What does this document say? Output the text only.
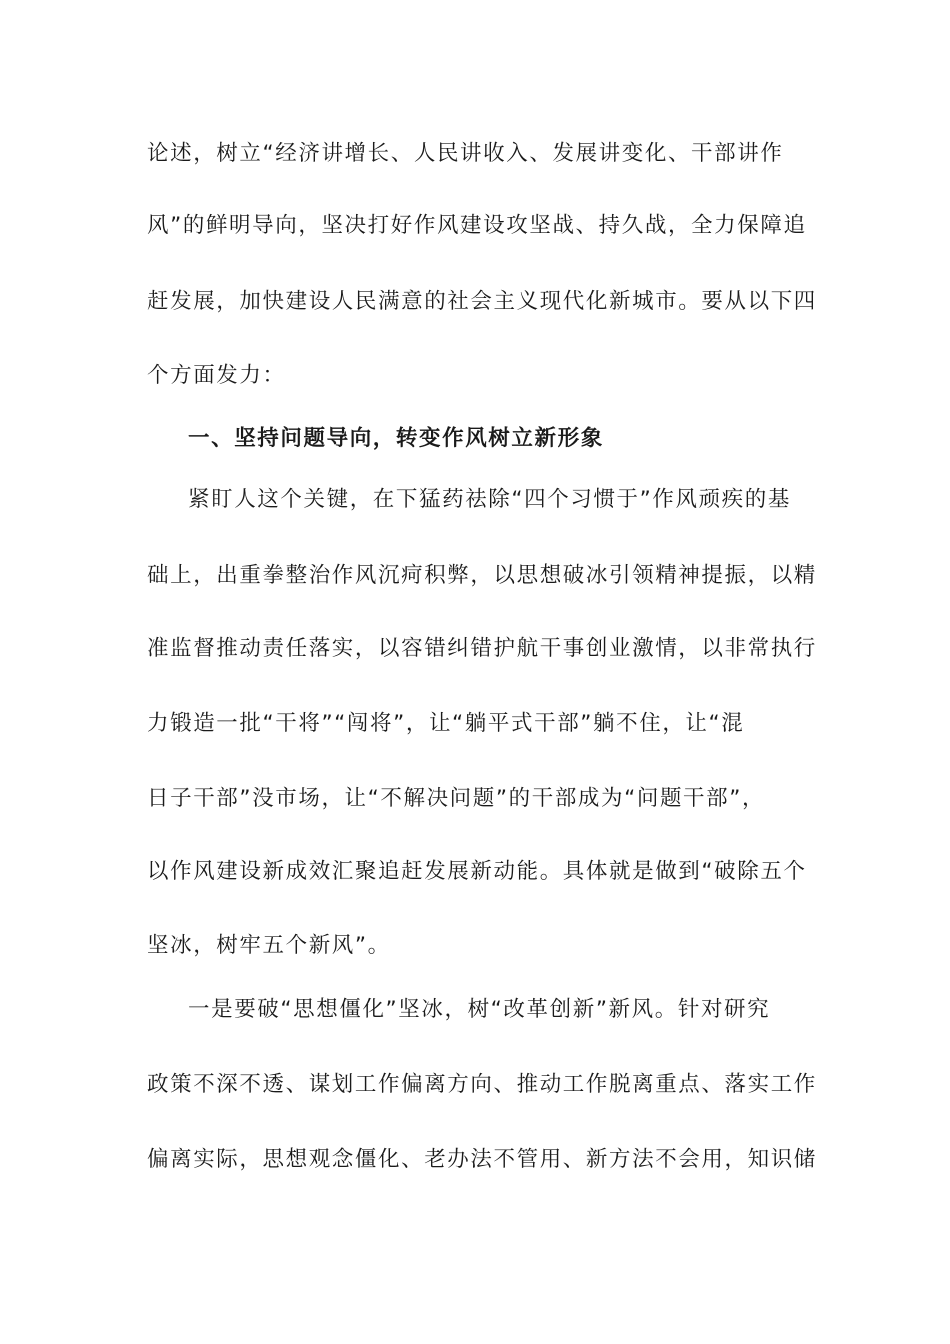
论述，树立“经济讲增长、人民讲收入、发展讲变化、干部讲作
风”的鲜明导向，坚决打好作风建设攻坚战、持久战，全力保障追
赶发展，加快建设人民满意的社会主义现代化新城市。要从以下四
个方面发力：
一、坚持问题导向，转变作风树立新形象
紧盯人这个关键，在下猛药祛除“四个习惯于”作风顽疾的基
础上，出重拳整治作风沉疴积弊，以思想破冰引领精神提振，以精
准监督推动责任落实，以容错纠错护航干事创业激情，以非常执行
力锻造一批“干将”“闯将”，让“躺平式干部”躺不住，让“混
日子干部”没市场，让“不解决问题”的干部成为“问题干部”，
以作风建设新成效汇聚追赶发展新动能。具体就是做到“破除五个
坚冰，树牢五个新风”。
一是要破“思想僵化”坚冰，树“改革创新”新风。针对研究
政策不深不透、谋划工作偏离方向、推动工作脱离重点、落实工作
偏离实际，思想观念僵化、老办法不管用、新方法不会用，知识储
